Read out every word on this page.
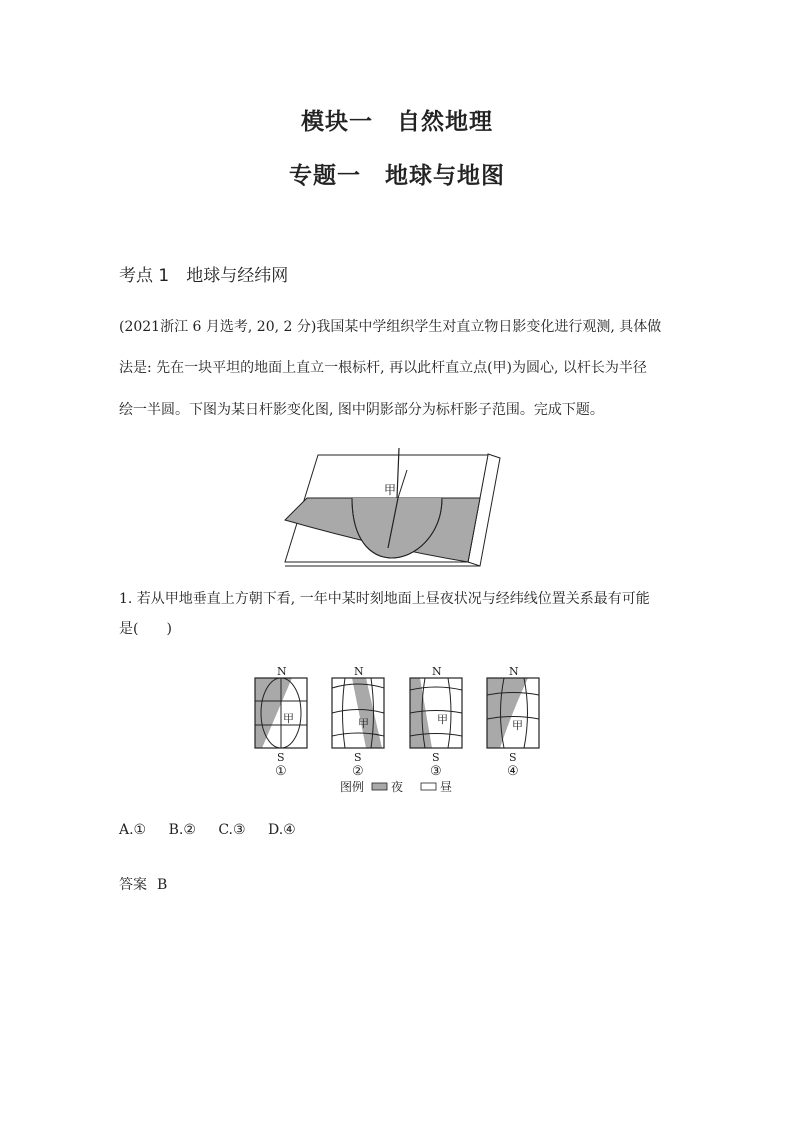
模块一　自然地理
专题一　地球与地图
考点 1　地球与经纬网
(2021浙江 6 月选考, 20, 2 分)我国某中学组织学生对直立物日影变化进行观测, 具体做
法是: 先在一块平坦的地面上直立一根标杆, 再以此杆直立点(甲)为圆心, 以杆长为半径
绘一半圆。下图为某日杆影变化图, 图中阴影部分为标杆影子范围。完成下题。
甲
1. 若从甲地垂直上方朝下看, 一年中某时刻地面上昼夜状况与经纬线位置关系最有可能
是(　　)
N
甲
S
①
N
甲
S
②
N
甲
S
③
N
甲
S
④
图例 夜	昼
A.① B.② C.③ D.④
答案 B
